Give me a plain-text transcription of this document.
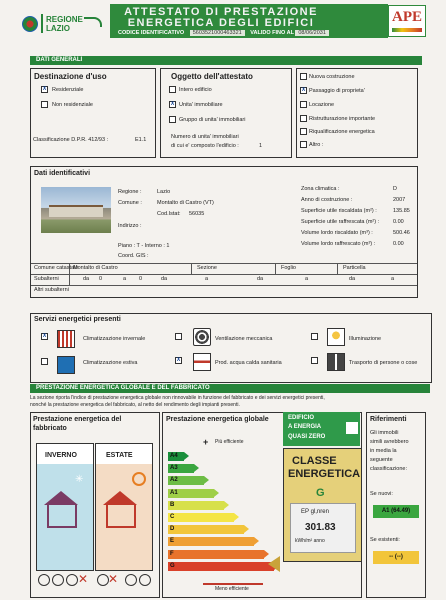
REGIONE
LAZIO
ATTESTATO DI PRESTAZIONE
ENERGETICA DEGLI EDIFICI
CODICE IDENTIFICATIVO 5603521000463321 VALIDO FINO AL 08/06/2031
APE
DATI GENERALI
Destinazione d'uso
X	Residenziale
Non residenziale
Classificazione D.P.R. 412/93 :	E1.1
Oggetto dell'attestato
Intero edificio
X Unita' immobiliare
Gruppo di unita' immobiliari
Numero di unita' immobiliari
di cui e' composto l'edificio :	1
Nuova costruzione
X Passaggio di proprieta'
Locazione
Ristrutturazione importante
Riqualificazione energetica
Altro :
Dati identificativi
Regione :	Lazio
Comune :	Montalto di Castro (VT)
Cod.Istat: 56035
Indirizzo :
Piano : T - Interno : 1
Coord. GIS :
Zona climatica :	D
Anno di costruzione :	2007
Superficie utile riscaldata (m²) :	135.85
Superficie utile raffrescata (m²) :	0.00
Volume lordo riscaldato (m³) :	500.46
Volume lordo raffrescato (m³) :	0.00
Comune catastale
Montalto di Castro	Sezione	Foglio	Particella
Subalterni	da 0	a 0	da	a	da	a	da	a
Altri subalterni
Servizi energetici presenti
X	Climatizzazione invernale
Climatizzazione estiva
Ventilazione meccanica
X	Prod. acqua calda sanitaria
Illuminazione
Trasporto di persone o cose
PRESTAZIONE ENERGETICA GLOBALE E DEL FABBRICATO
La sezione riporta l'indice di prestazione energetica globale non rinnovabile in funzione del fabbricato e dei servizi energetici presenti,
nonché la prestazione energetica del fabbricato, al netto del rendimento degli impianti presenti.
Prestazione energetica del
fabbricato
INVERNO
✳
ESTATE
✕ ✕
Prestazione energetica globale
+ Più efficiente
Meno efficiente
A4
A3
A2
A1
B
C
D
E
F
G
EDIFICIO
A ENERGIA
QUASI ZERO
CLASSE
ENERGETICA
G
EP gl,nren
301.83
kWh/m² anno
Riferimenti
Gli immobili
simili avrebbero
in media la
seguente
classificazione:
Se nuovi:
A1 (64.49)
Se esistenti:
-- (--)
